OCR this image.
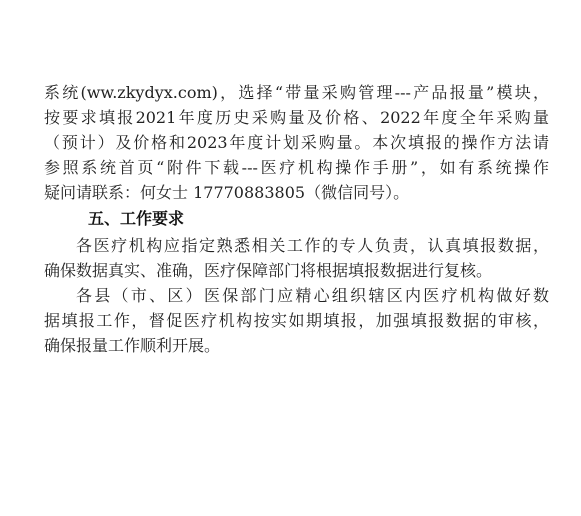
系统(ww.zkydyx.com)，选择“带量采购管理---产品报量”模块，
按要求填报2021年度历史采购量及价格、2022年度全年采购量
（预计）及价格和2023年度计划采购量。本次填报的操作方法请
参照系统首页“附件下载---医疗机构操作手册”，如有系统操作
疑问请联系：何女士 17770883805（微信同号）。
五、工作要求
各医疗机构应指定熟悉相关工作的专人负责，认真填报数据，
确保数据真实、准确，医疗保障部门将根据填报数据进行复核。
各县（市、区）医保部门应精心组织辖区内医疗机构做好数
据填报工作，督促医疗机构按实如期填报，加强填报数据的审核，
确保报量工作顺利开展。
